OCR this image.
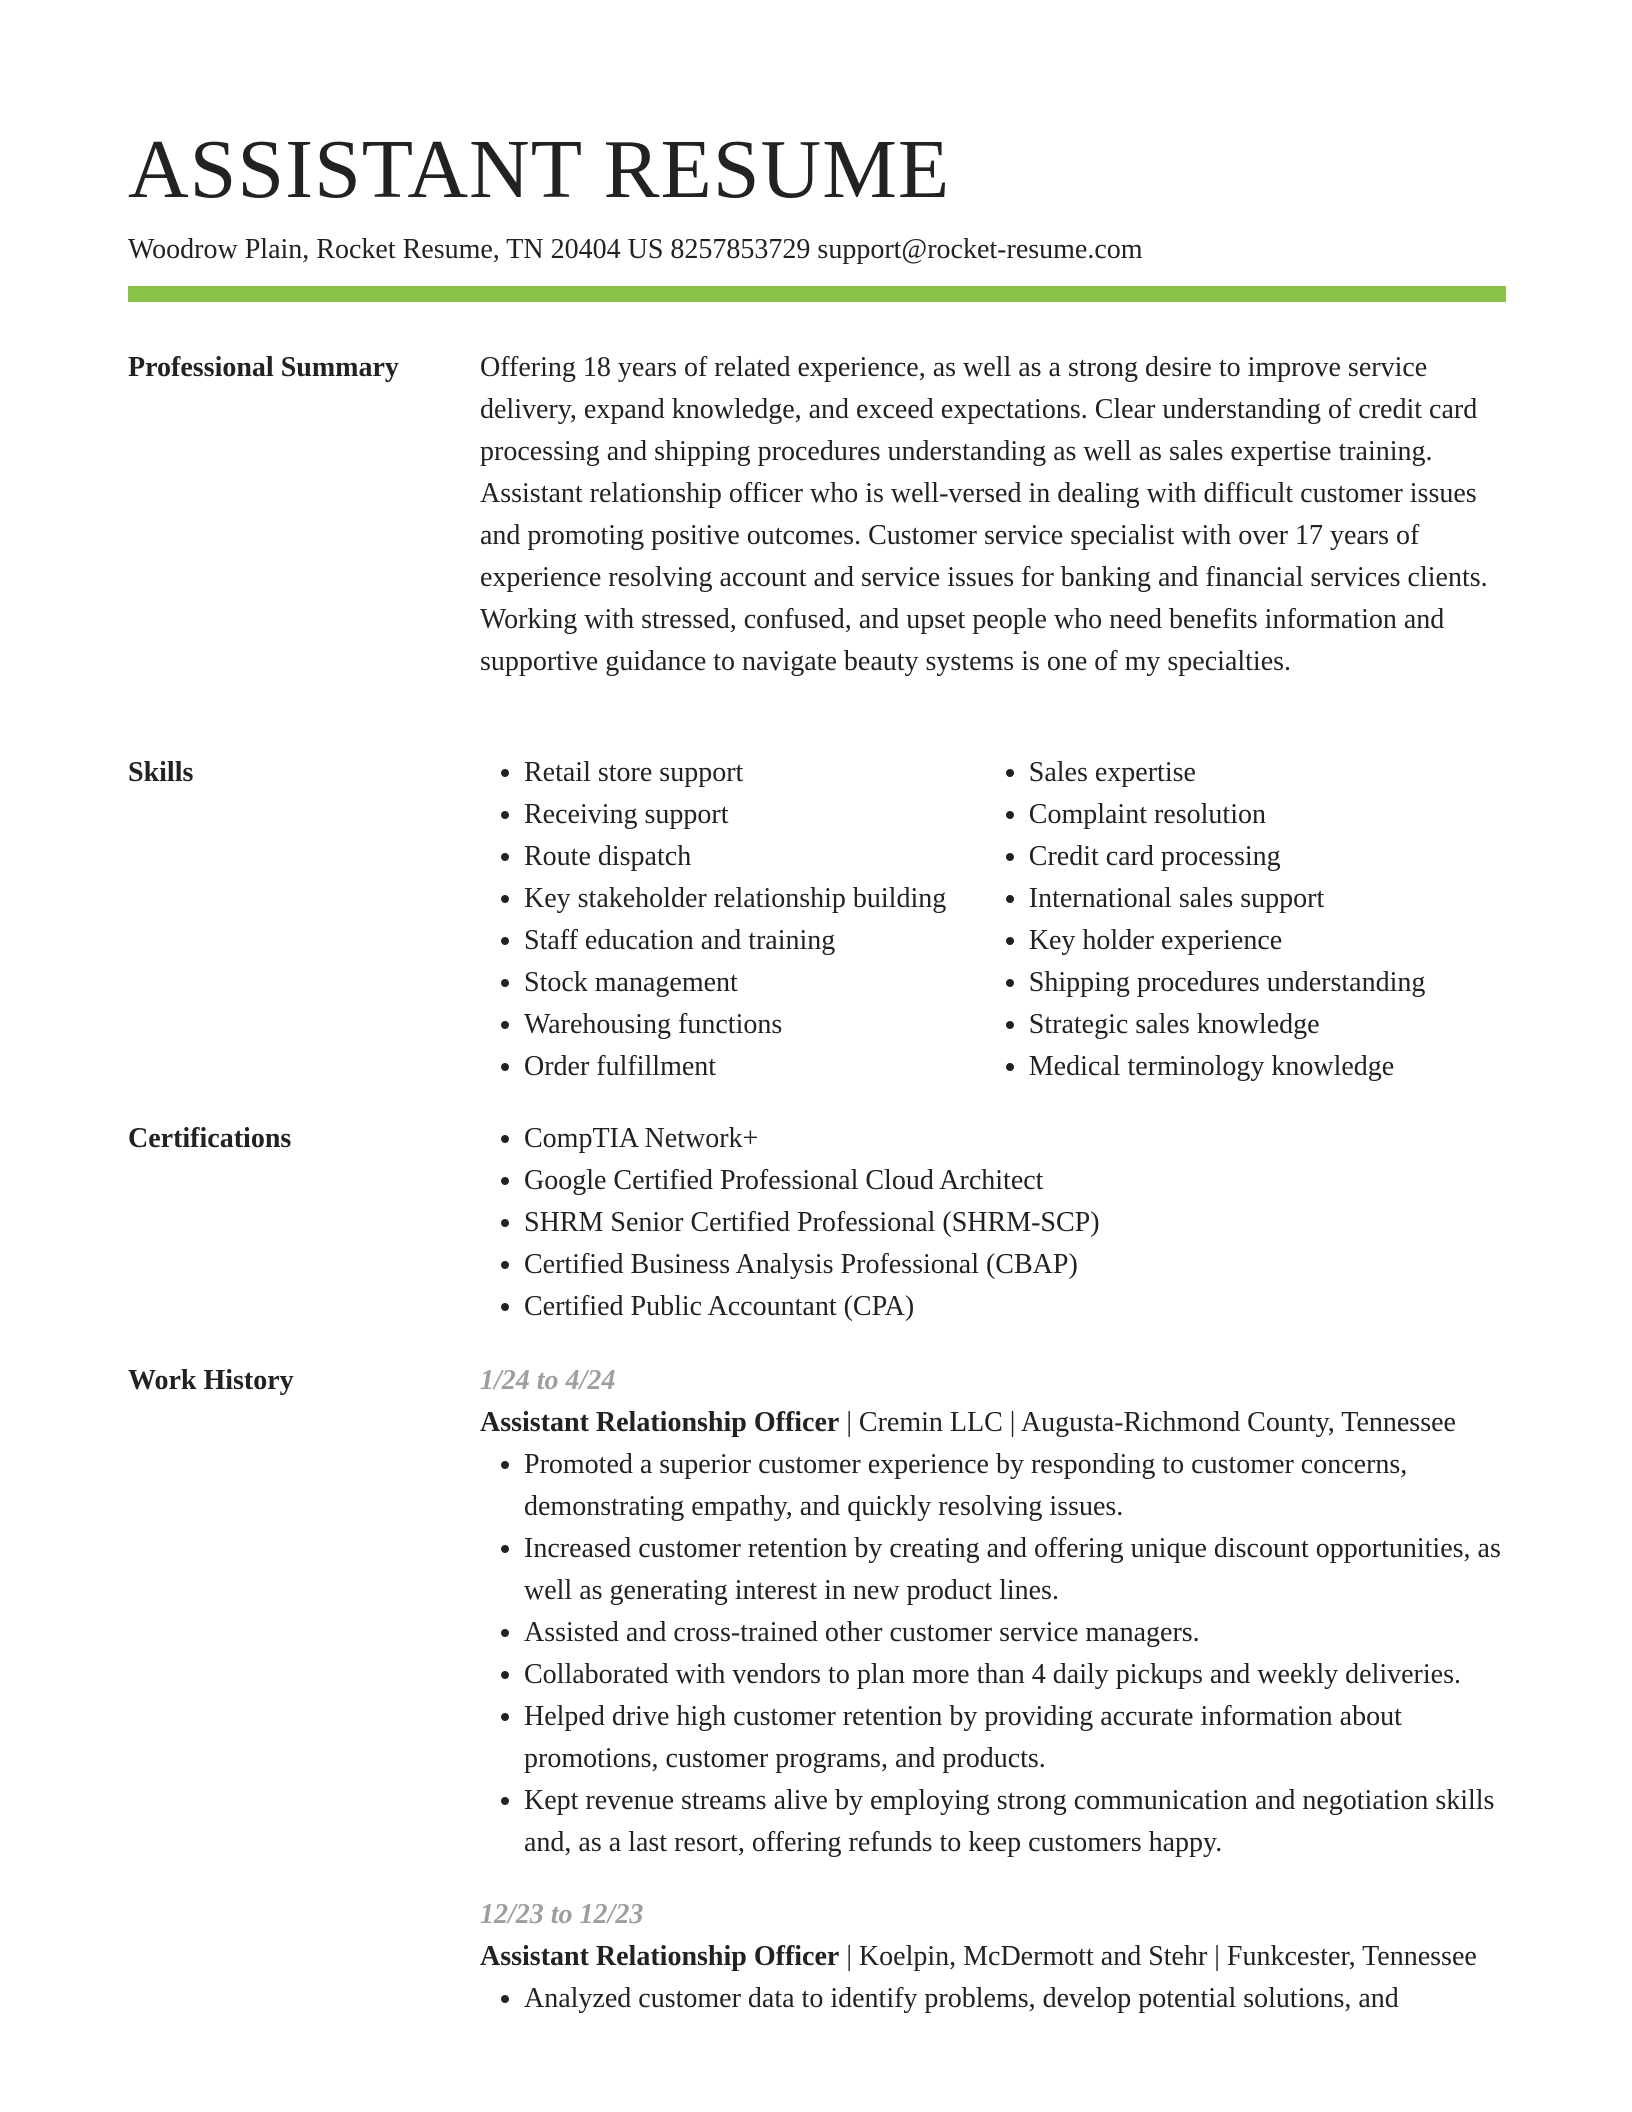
ASSISTANT RESUME
Woodrow Plain, Rocket Resume, TN 20404 US 8257853729 support@rocket-resume.com
Professional Summary	Offering 18 years of related experience, as well as a strong desire to improve service delivery, expand knowledge, and exceed expectations. Clear understanding of credit card processing and shipping procedures understanding as well as sales expertise training. Assistant relationship officer who is well-versed in dealing with difficult customer issues and promoting positive outcomes. Customer service specialist with over 17 years of experience resolving account and service issues for banking and financial services clients. Working with stressed, confused, and upset people who need benefits information and supportive guidance to navigate beauty systems is one of my specialties.

Skills	• Retail store support
• Receiving support
• Route dispatch
• Key stakeholder relationship building
• Staff education and training
• Stock management
• Warehousing functions
• Order fulfillment
• Sales expertise
• Complaint resolution
• Credit card processing
• International sales support
• Key holder experience
• Shipping procedures understanding
• Strategic sales knowledge
• Medical terminology knowledge
Certifications	• CompTIA Network+
• Google Certified Professional Cloud Architect
• SHRM Senior Certified Professional (SHRM-SCP)
• Certified Business Analysis Professional (CBAP)
• Certified Public Accountant (CPA)
Work History	1/24 to 4/24
Assistant Relationship Officer | Cremin LLC | Augusta-Richmond County, Tennessee
• Promoted a superior customer experience by responding to customer concerns, demonstrating empathy, and quickly resolving issues.
• Increased customer retention by creating and offering unique discount opportunities, as well as generating interest in new product lines.
• Assisted and cross-trained other customer service managers.
• Collaborated with vendors to plan more than 4 daily pickups and weekly deliveries.
• Helped drive high customer retention by providing accurate information about promotions, customer programs, and products.
• Kept revenue streams alive by employing strong communication and negotiation skills and, as a last resort, offering refunds to keep customers happy.
12/23 to 12/23
Assistant Relationship Officer | Koelpin, McDermott and Stehr | Funkcester, Tennessee
• Analyzed customer data to identify problems, develop potential solutions, and
